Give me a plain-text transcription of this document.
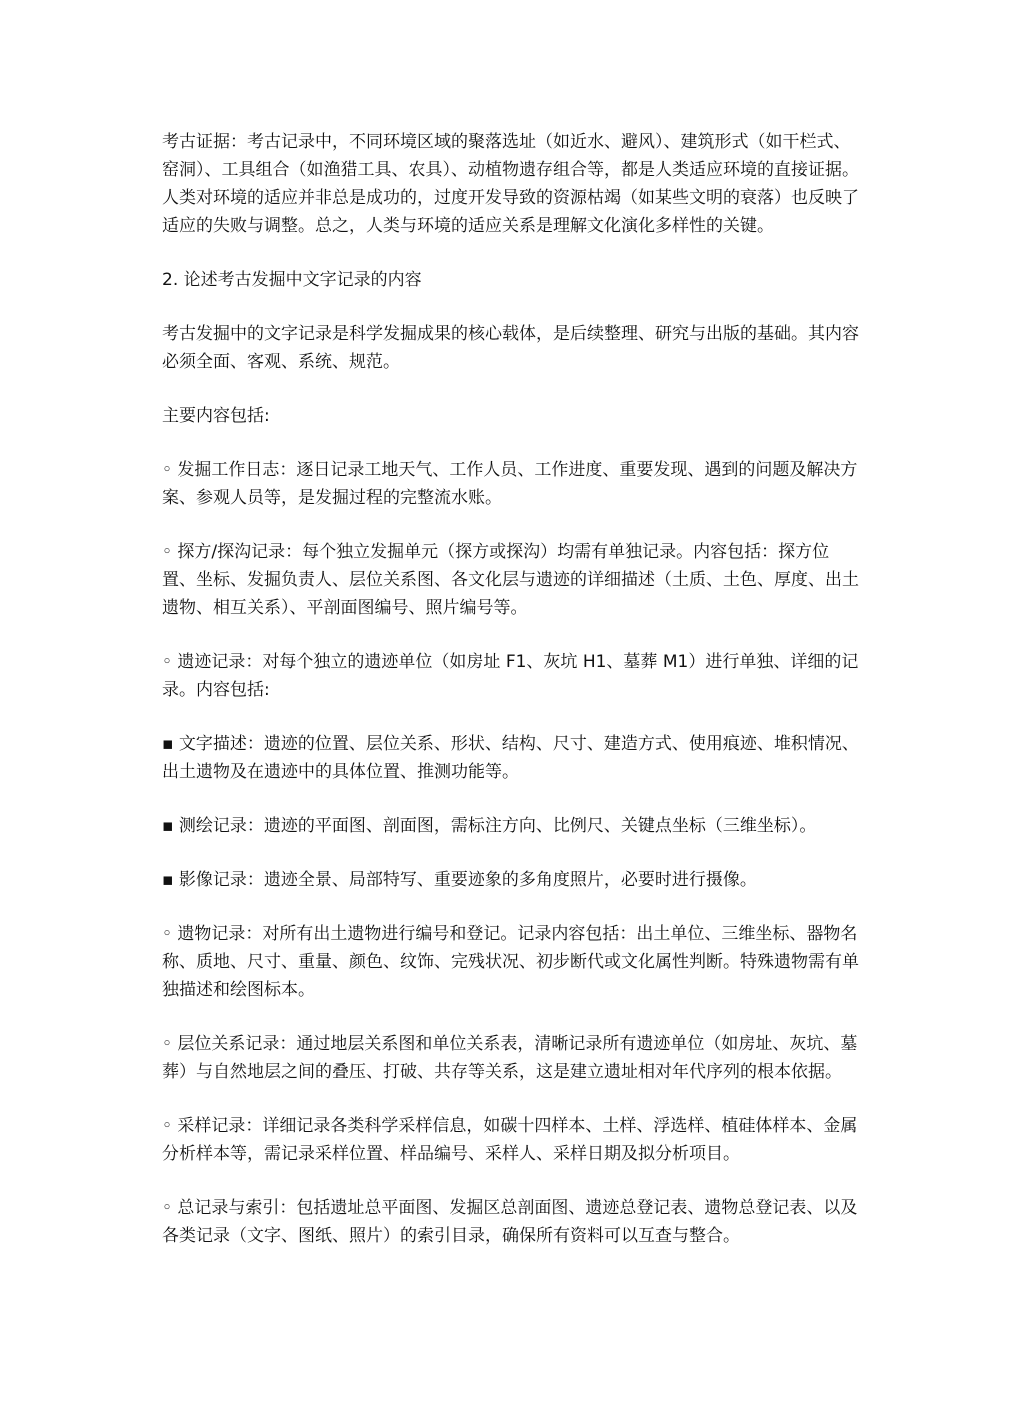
考古证据：考古记录中，不同环境区域的聚落选址（如近水、避风）、建筑形式（如干栏式、窑洞）、工具组合（如渔猎工具、农具）、动植物遗存组合等，都是人类适应环境的直接证据。人类对环境的适应并非总是成功的，过度开发导致的资源枯竭（如某些文明的衰落）也反映了适应的失败与调整。总之，人类与环境的适应关系是理解文化演化多样性的关键。

2. 论述考古发掘中文字记录的内容

考古发掘中的文字记录是科学发掘成果的核心载体，是后续整理、研究与出版的基础。其内容必须全面、客观、系统、规范。

主要内容包括:

◦ 发掘工作日志：逐日记录工地天气、工作人员、工作进度、重要发现、遇到的问题及解决方案、参观人员等，是发掘过程的完整流水账。

◦ 探方/探沟记录：每个独立发掘单元（探方或探沟）均需有单独记录。内容包括：探方位置、坐标、发掘负责人、层位关系图、各文化层与遗迹的详细描述（土质、土色、厚度、出土遗物、相互关系）、平剖面图编号、照片编号等。

◦ 遗迹记录：对每个独立的遗迹单位（如房址 F1、灰坑 H1、墓葬 M1）进行单独、详细的记录。内容包括:

▪ 文字描述：遗迹的位置、层位关系、形状、结构、尺寸、建造方式、使用痕迹、堆积情况、出土遗物及在遗迹中的具体位置、推测功能等。

▪ 测绘记录：遗迹的平面图、剖面图，需标注方向、比例尺、关键点坐标（三维坐标）。

▪ 影像记录：遗迹全景、局部特写、重要迹象的多角度照片，必要时进行摄像。

◦ 遗物记录：对所有出土遗物进行编号和登记。记录内容包括：出土单位、三维坐标、器物名称、质地、尺寸、重量、颜色、纹饰、完残状况、初步断代或文化属性判断。特殊遗物需有单独描述和绘图标本。

◦ 层位关系记录：通过地层关系图和单位关系表，清晰记录所有遗迹单位（如房址、灰坑、墓葬）与自然地层之间的叠压、打破、共存等关系，这是建立遗址相对年代序列的根本依据。

◦ 采样记录：详细记录各类科学采样信息，如碳十四样本、土样、浮选样、植硅体样本、金属分析样本等，需记录采样位置、样品编号、采样人、采样日期及拟分析项目。

◦ 总记录与索引：包括遗址总平面图、发掘区总剖面图、遗迹总登记表、遗物总登记表、以及各类记录（文字、图纸、照片）的索引目录，确保所有资料可以互查与整合。
